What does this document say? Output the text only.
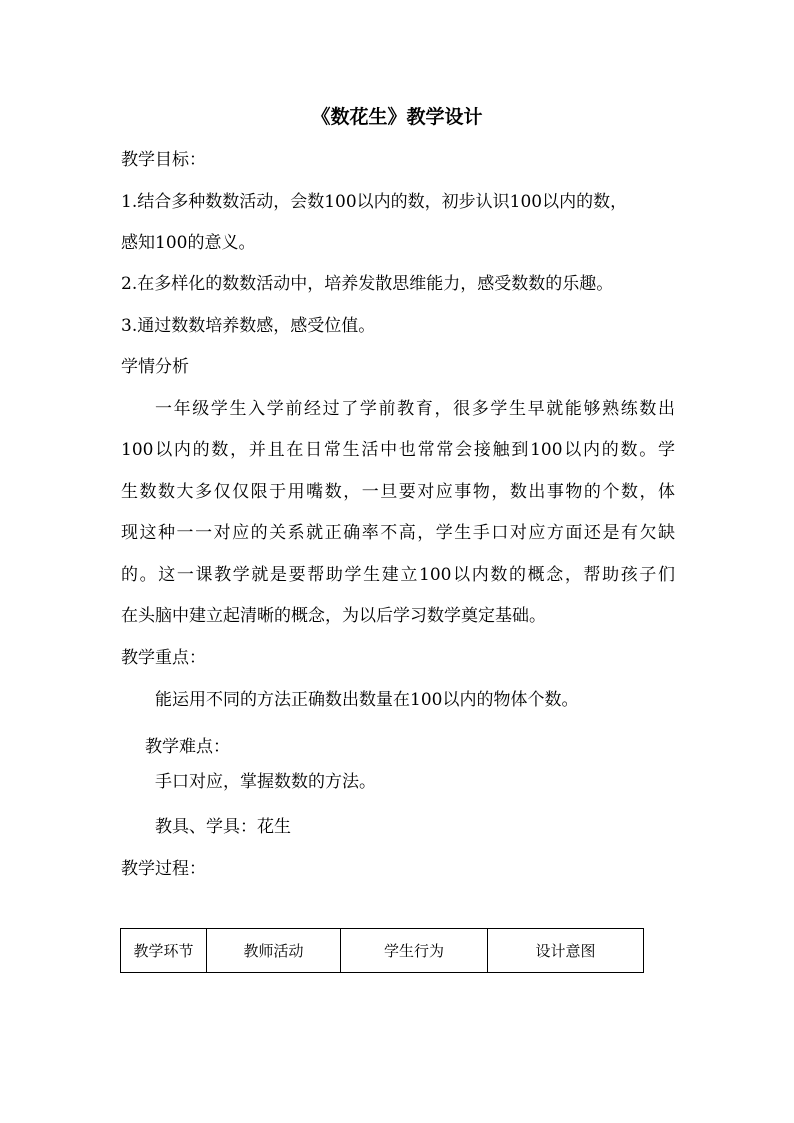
《数花生》教学设计
教学目标：
1.结合多种数数活动，会数100以内的数，初步认识100以内的数，
感知100的意义。
2.在多样化的数数活动中，培养发散思维能力，感受数数的乐趣。
3.通过数数培养数感，感受位值。
学情分析
一年级学生入学前经过了学前教育，很多学生早就能够熟练数出
100以内的数，并且在日常生活中也常常会接触到100以内的数。学
生数数大多仅仅限于用嘴数，一旦要对应事物，数出事物的个数，体
现这种一一对应的关系就正确率不高，学生手口对应方面还是有欠缺
的。这一课教学就是要帮助学生建立100以内数的概念，帮助孩子们
在头脑中建立起清晰的概念，为以后学习数学奠定基础。
教学重点：
能运用不同的方法正确数出数量在100以内的物体个数。
教学难点：
手口对应，掌握数数的方法。
教具、学具：花生
教学过程：
教学环节	教师活动	学生行为	设计意图
